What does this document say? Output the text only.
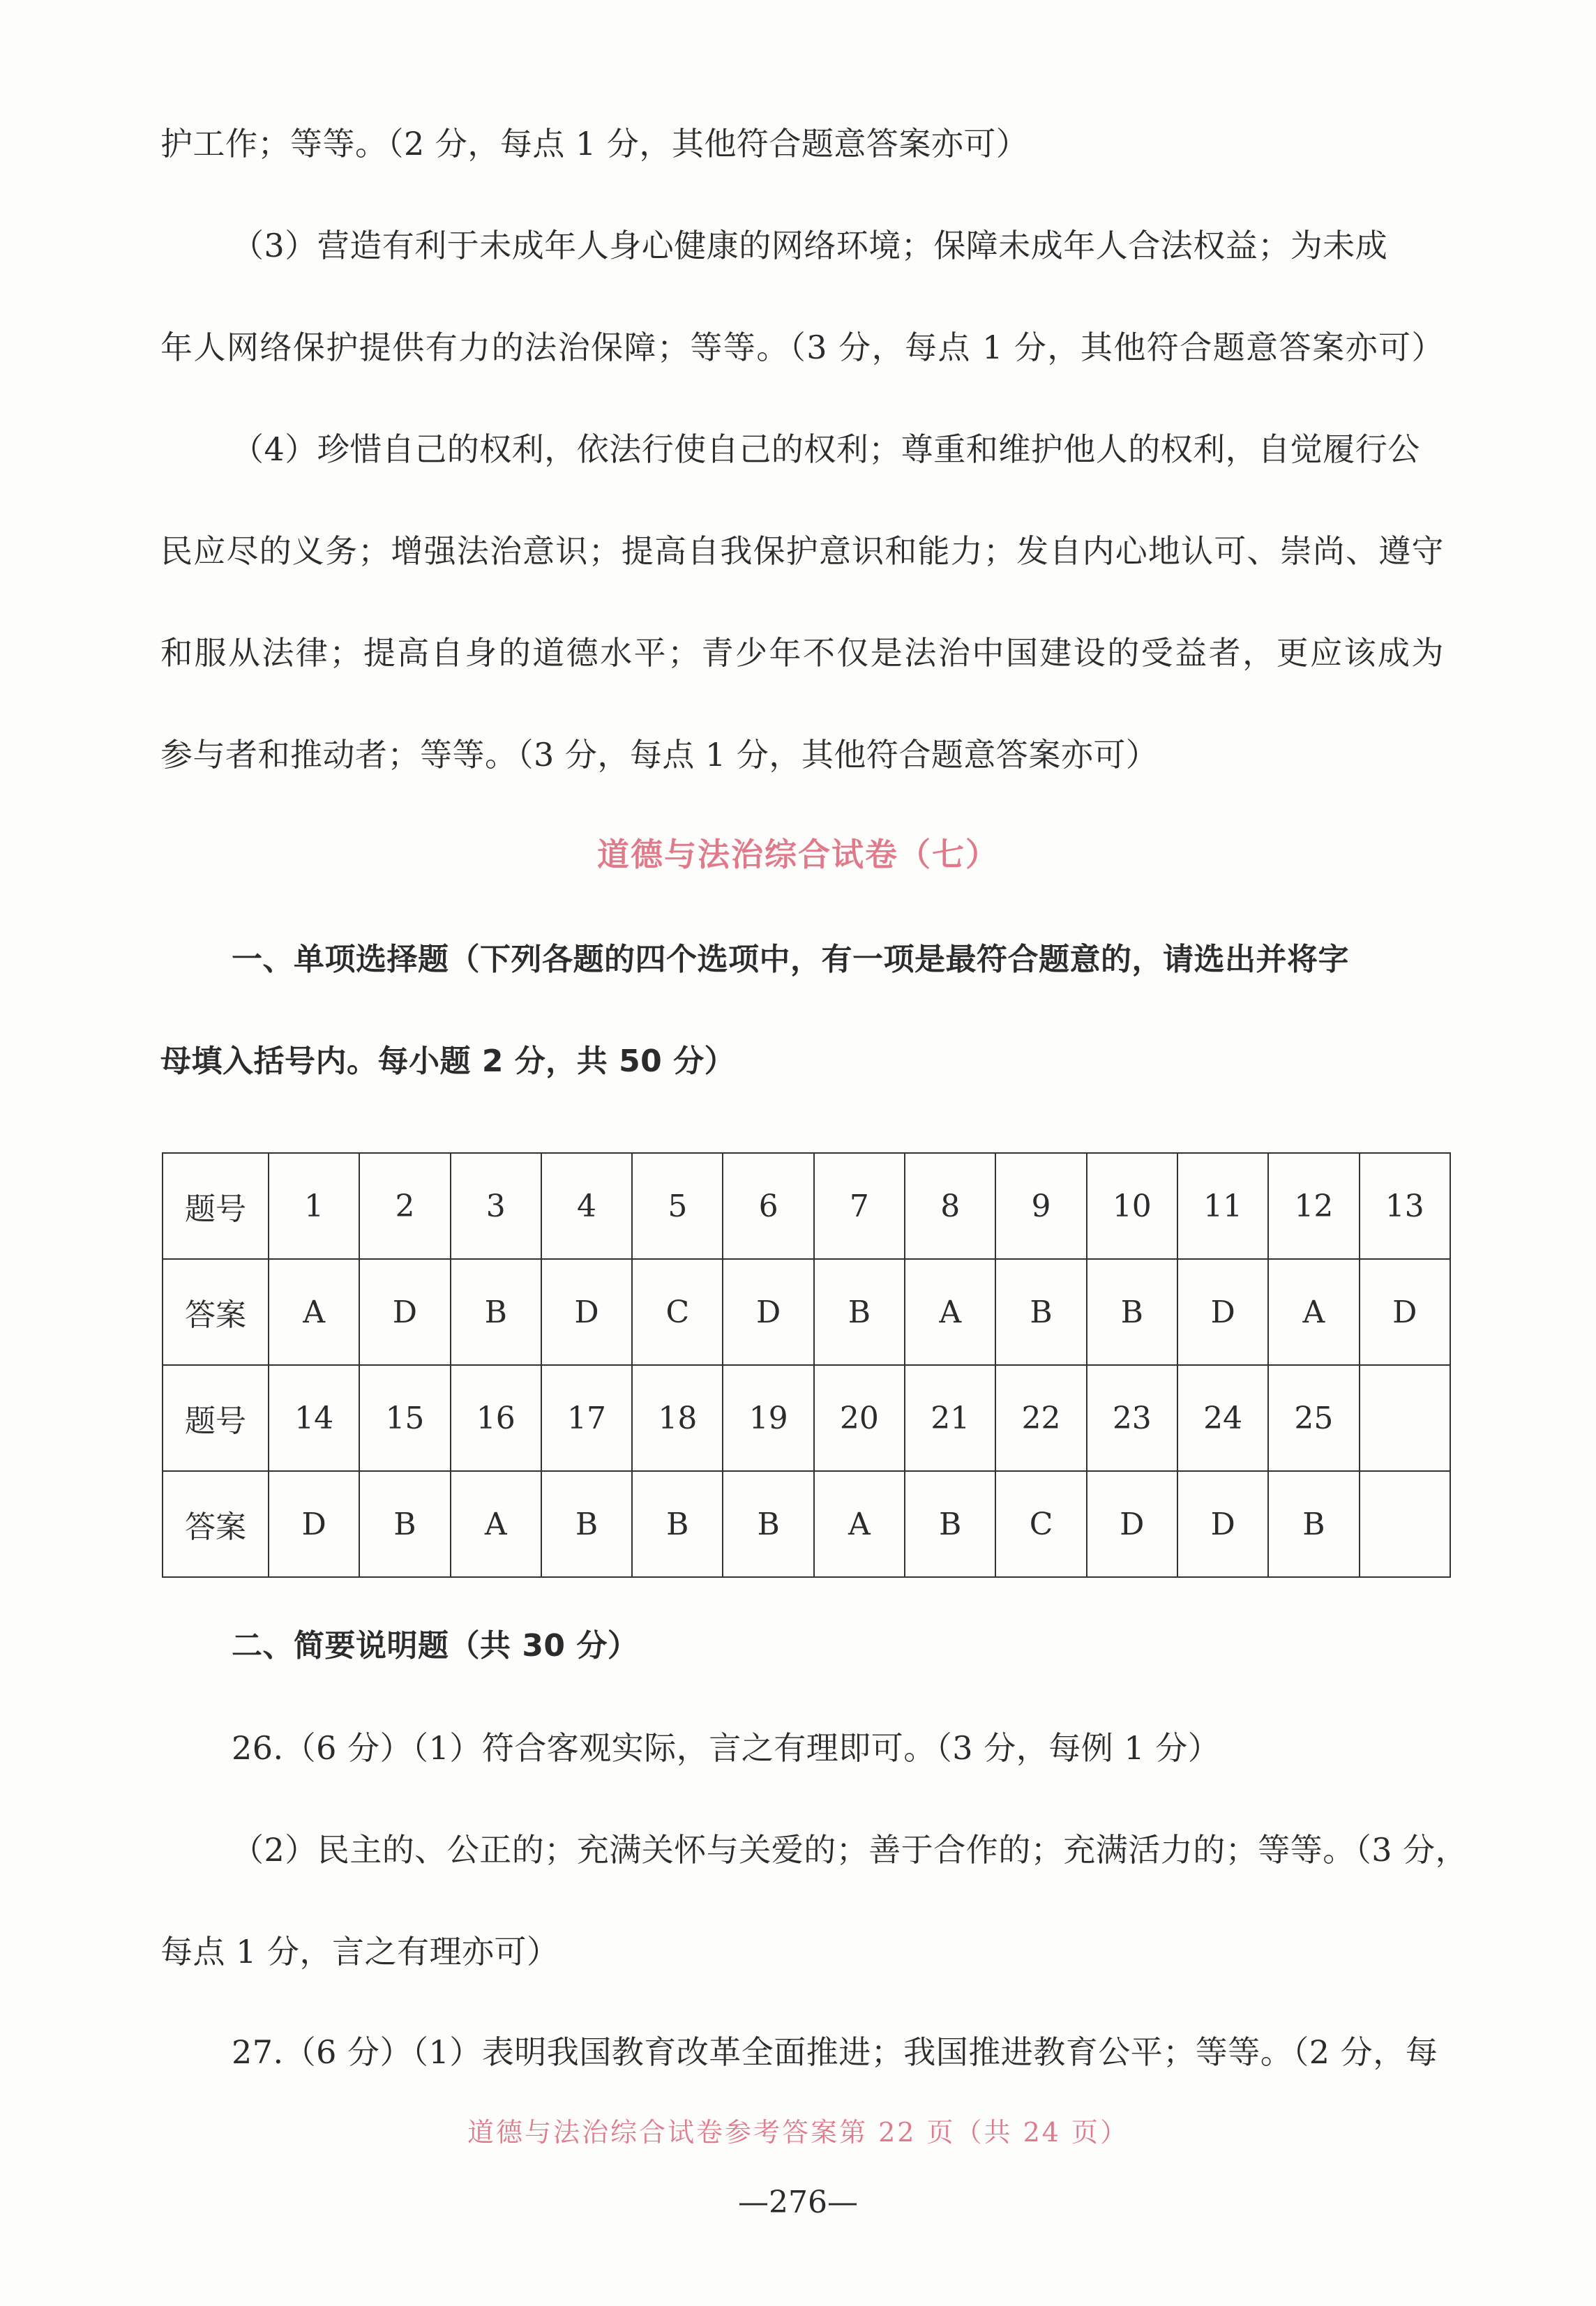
护工作；等等。（2 分，每点 1 分，其他符合题意答案亦可）
（3）营造有利于未成年人身心健康的网络环境；保障未成年人合法权益；为未成
年人网络保护提供有力的法治保障；等等。（3 分，每点 1 分，其他符合题意答案亦可）
（4）珍惜自己的权利，依法行使自己的权利；尊重和维护他人的权利，自觉履行公
民应尽的义务；增强法治意识；提高自我保护意识和能力；发自内心地认可、崇尚、遵守
和服从法律；提高自身的道德水平；青少年不仅是法治中国建设的受益者，更应该成为
参与者和推动者；等等。（3 分，每点 1 分，其他符合题意答案亦可）
道德与法治综合试卷（七）
一、单项选择题（下列各题的四个选项中，有一项是最符合题意的，请选出并将字
母填入括号内。每小题 2 分，共 50 分）
题号	1	2	3	4	5	6	7	8	9	10	11	12	13
答案	A	D	B	D	C	D	B	A	B	B	D	A	D
题号	14	15	16	17	18	19	20	21	22	23	24	25	
答案	D	B	A	B	B	B	A	B	C	D	D	B	
二、简要说明题（共 30 分）
26.（6 分）（1）符合客观实际，言之有理即可。（3 分，每例 1 分）
（2）民主的、公正的；充满关怀与关爱的；善于合作的；充满活力的；等等。（3 分，
每点 1 分，言之有理亦可）
27.（6 分）（1）表明我国教育改革全面推进；我国推进教育公平；等等。（2 分，每
道德与法治综合试卷参考答案第 22 页（共 24 页）
—276—
